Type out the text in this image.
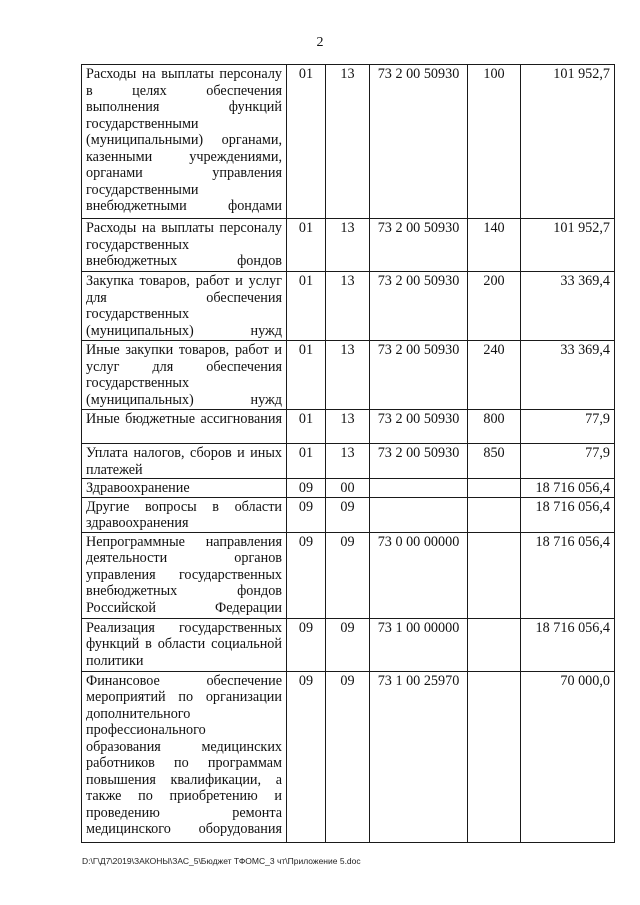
2
Расходы на выплаты персоналу в целях обеспечения выполнения функций государственными (муниципальными) органами, казенными учреждениями, органами управления государственными внебюджетными фондами	01	13	73 2 00 50930	100	101 952,7
Расходы на выплаты персоналу государственных внебюджетных фондов	01	13	73 2 00 50930	140	101 952,7
Закупка товаров, работ и услуг для обеспечения государственных (муниципальных) нужд	01	13	73 2 00 50930	200	33 369,4
Иные закупки товаров, работ и услуг для обеспечения государственных (муниципальных) нужд	01	13	73 2 00 50930	240	33 369,4
Иные бюджетные ассигнования	01	13	73 2 00 50930	800	77,9
Уплата налогов, сборов и иных платежей	01	13	73 2 00 50930	850	77,9
Здравоохранение	09	00			18 716 056,4
Другие вопросы в области здравоохранения	09	09			18 716 056,4
Непрограммные направления деятельности органов управления государственных внебюджетных фондов Российской Федерации	09	09	73 0 00 00000		18 716 056,4
Реализация государственных функций в области социальной политики	09	09	73 1 00 00000		18 716 056,4
Финансовое обеспечение мероприятий по организации дополнительного профессионального образования медицинских работников по программам повышения квалификации, а также по приобретению и проведению ремонта медицинского оборудования	09	09	73 1 00 25970		70 000,0
D:\Г\Д7\2019\ЗАКОНЫ\ЗАС_5\Бюджет ТФОМС_3 чт\Приложение 5.doc
